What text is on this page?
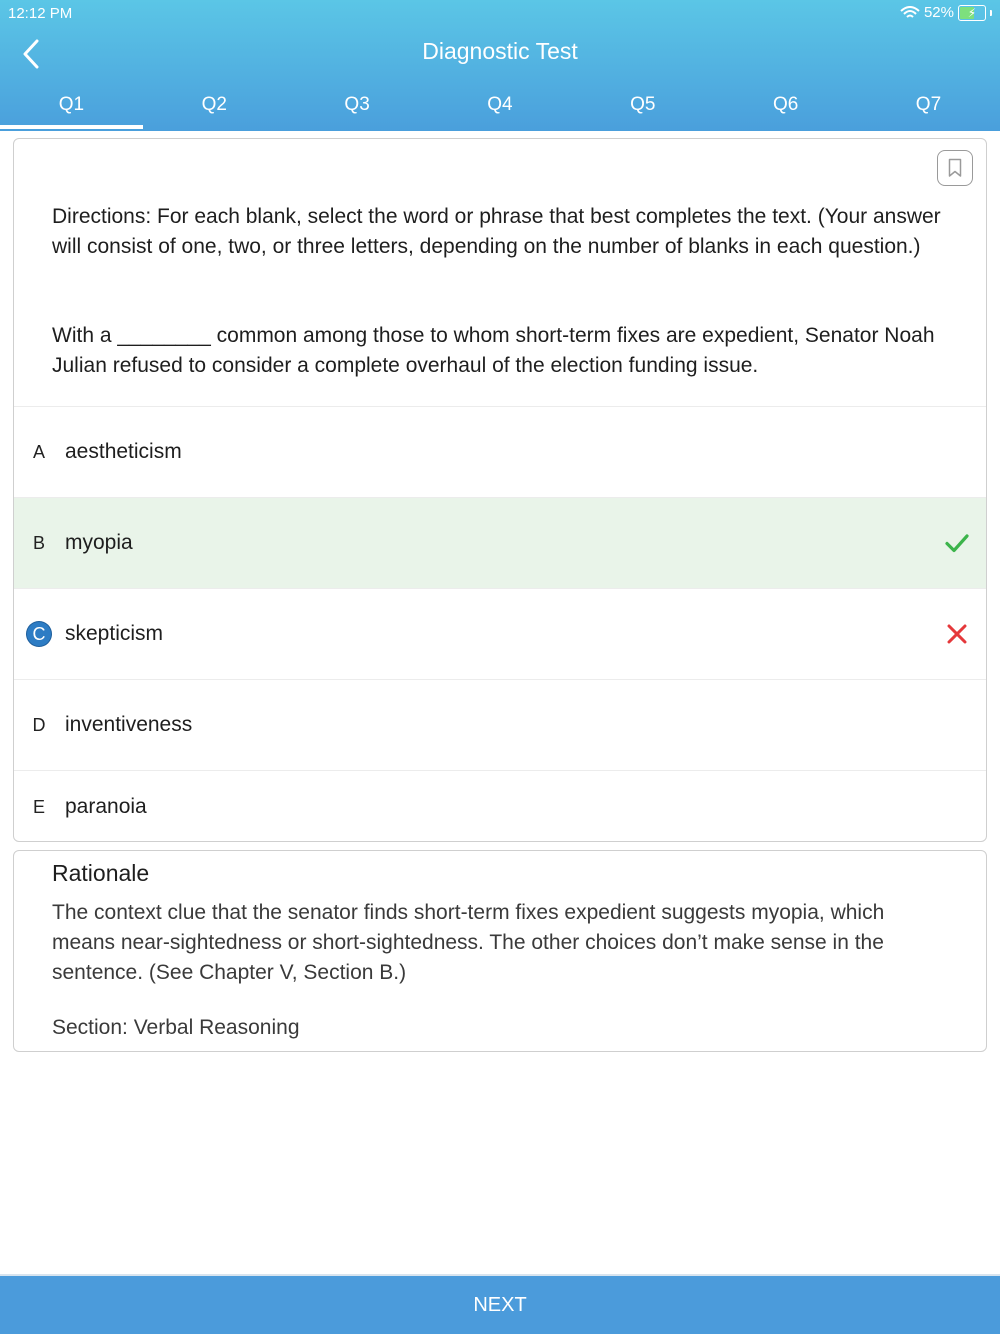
12:12 PM	52%	⚡
Diagnostic Test
Q1	Q2	Q3	Q4	Q5	Q6	Q7

Directions: For each blank, select the word or phrase that best completes the text. (Your answer will consist of one, two, or three letters, depending on the number of blanks in each question.)

With a ________ common among those to whom short-term fixes are expedient, Senator Noah Julian refused to consider a complete overhaul of the election funding issue.

A aestheticism
B myopia
C skepticism
D inventiveness
E paranoia
Rationale

The context clue that the senator finds short-term fixes expedient suggests myopia, which means near-sightedness or short-sightedness. The other choices don’t make sense in the sentence. (See Chapter V, Section B.)

Section: Verbal Reasoning
NEXT
